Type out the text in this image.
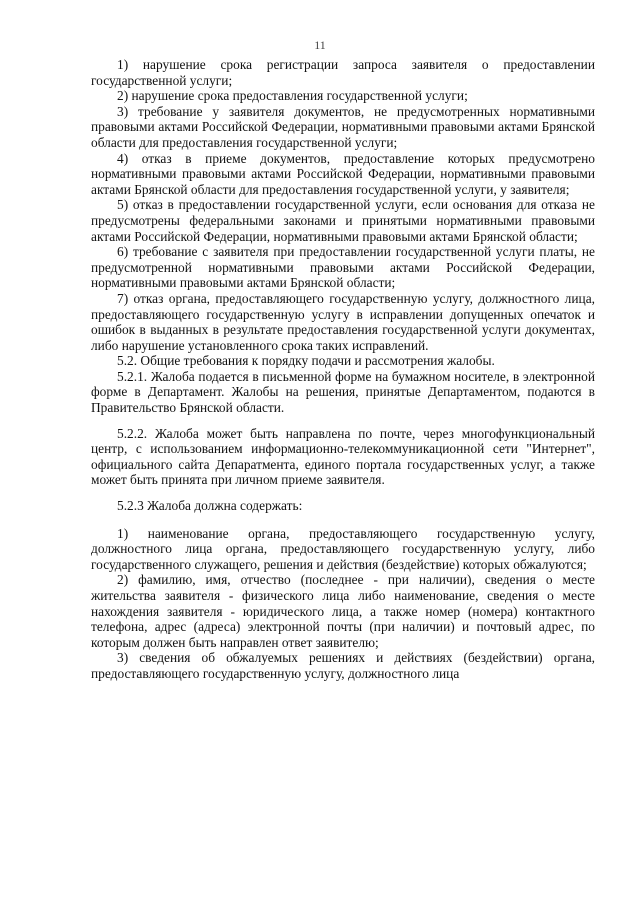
11

1) нарушение срока регистрации запроса заявителя о предоставлении государственной услуги;

2) нарушение срока предоставления государственной услуги;

3) требование у заявителя документов, не предусмотренных нормативными правовыми актами Российской Федерации, нормативными правовыми актами Брянской области для предоставления государственной услуги;

4) отказ в приеме документов, предоставление которых предусмотрено нормативными правовыми актами Российской Федерации, нормативными правовыми актами Брянской области для предоставления государственной услуги, у заявителя;

5) отказ в предоставлении государственной услуги, если основания для отказа не предусмотрены федеральными законами и принятыми нормативными правовыми актами Российской Федерации, нормативными правовыми актами Брянской области;

6) требование с заявителя при предоставлении государственной услуги платы, не предусмотренной нормативными правовыми актами Российской Федерации, нормативными правовыми актами Брянской области;

7) отказ органа, предоставляющего государственную услугу, должностного лица, предоставляющего государственную услугу в исправлении допущенных опечаток и ошибок в выданных в результате предоставления государственной услуги документах, либо нарушение установленного срока таких исправлений.

5.2. Общие требования к порядку подачи и рассмотрения жалобы.

5.2.1. Жалоба подается в письменной форме на бумажном носителе, в электронной форме в Департамент. Жалобы на решения, принятые Департаментом, подаются в Правительство Брянской области.

5.2.2. Жалоба может быть направлена по почте, через многофункциональный центр, с использованием информационно-телекоммуникационной сети "Интернет", официального сайта Депаратмента, единого портала государственных услуг, а также может быть принята при личном приеме заявителя.

5.2.3 Жалоба должна содержать:

1) наименование органа, предоставляющего государственную услугу, должностного лица органа, предоставляющего государственную услугу, либо государственного служащего, решения и действия (бездействие) которых обжалуются;

2) фамилию, имя, отчество (последнее - при наличии), сведения о месте жительства заявителя - физического лица либо наименование, сведения о месте нахождения заявителя - юридического лица, а также номер (номера) контактного телефона, адрес (адреса) электронной почты (при наличии) и почтовый адрес, по которым должен быть направлен ответ заявителю;

3) сведения об обжалуемых решениях и действиях (бездействии) органа, предоставляющего государственную услугу, должностного лица
